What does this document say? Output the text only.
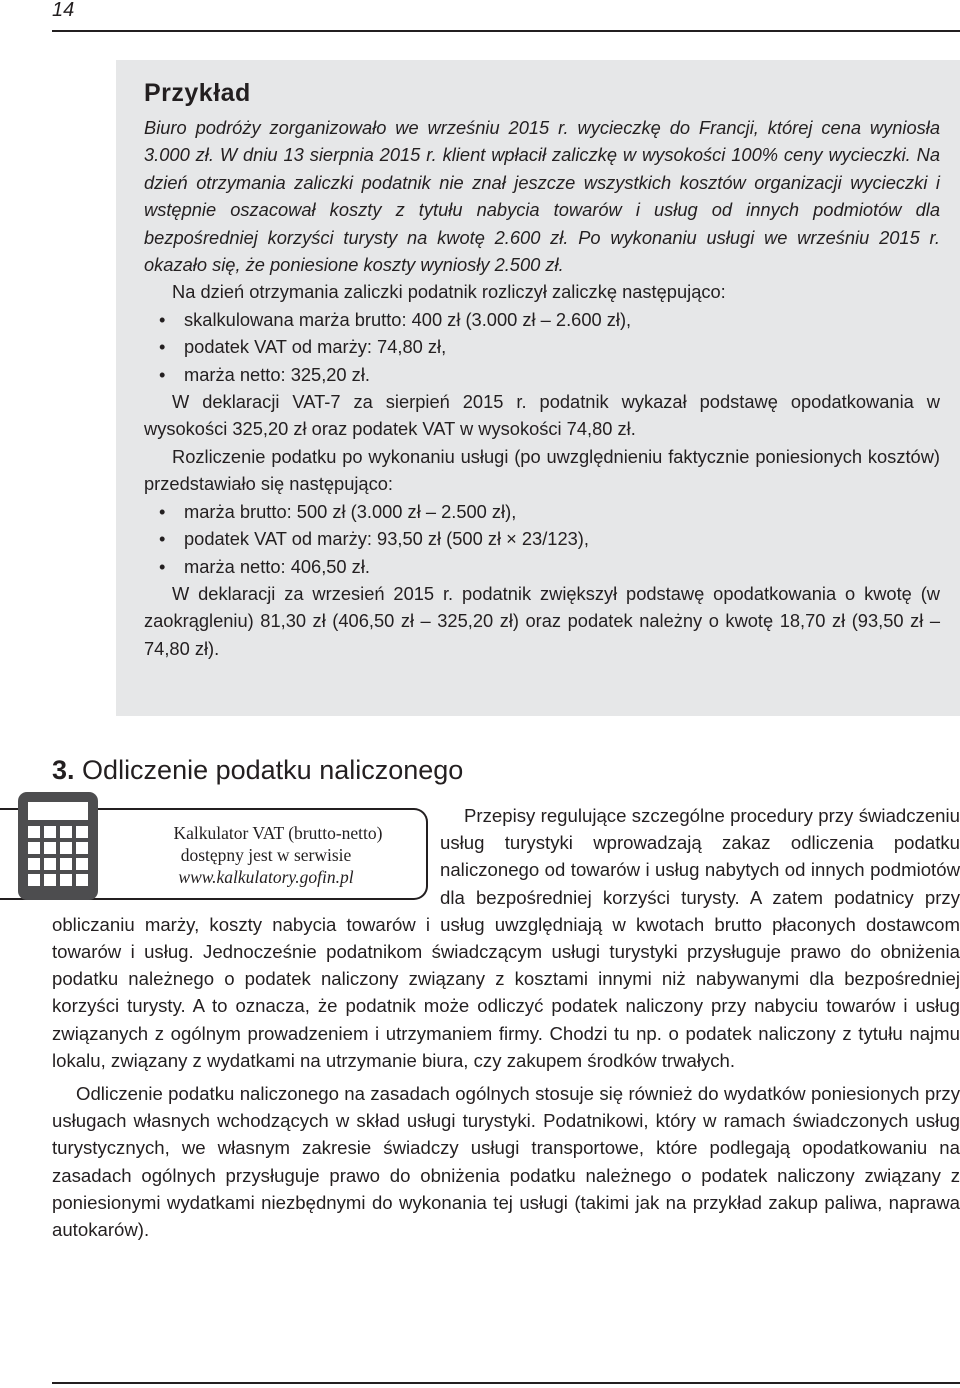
14
Przykład

Biuro podróży zorganizowało we wrześniu 2015 r. wycieczkę do Francji, której cena wyniosła 3.000 zł. W dniu 13 sierpnia 2015 r. klient wpłacił zaliczkę w wysokości 100% ceny wycieczki. Na dzień otrzymania zaliczki podatnik nie znał jeszcze wszystkich kosztów organizacji wycieczki i wstępnie oszacował koszty z tytułu nabycia towarów i usług od innych podmiotów dla bezpośredniej korzyści turysty na kwotę 2.600 zł. Po wykonaniu usługi we wrześniu 2015 r. okazało się, że poniesione koszty wyniosły 2.500 zł.

Na dzień otrzymania zaliczki podatnik rozliczył zaliczkę następująco:

• skalkulowana marża brutto: 400 zł (3.000 zł – 2.600 zł),
• podatek VAT od marży: 74,80 zł,
• marża netto: 325,20 zł.

W deklaracji VAT-7 za sierpień 2015 r. podatnik wykazał podstawę opodatkowania w wysokości 325,20 zł oraz podatek VAT w wysokości 74,80 zł.

Rozliczenie podatku po wykonaniu usługi (po uwzględnieniu faktycznie poniesionych kosztów) przedstawiało się następująco:

• marża brutto: 500 zł (3.000 zł – 2.500 zł),
• podatek VAT od marży: 93,50 zł (500 zł × 23/123),
• marża netto: 406,50 zł.

W deklaracji za wrzesień 2015 r. podatnik zwiększył podstawę opodatkowania o kwotę (w zaokrągleniu) 81,30 zł (406,50 zł – 325,20 zł) oraz podatek należny o kwotę 18,70 zł (93,50 zł – 74,80 zł).

3. Odliczenie podatku naliczonego

Kalkulator VAT (brutto-netto)
dostępny jest w serwisie
www.kalkulatory.gofin.pl
Przepisy regulujące szczególne procedury przy świadczeniu usług turystyki wprowadzają zakaz odliczenia podatku naliczonego od towarów i usług nabytych od innych podmiotów dla bezpośredniej korzyści turysty. A zatem podatnicy przy obliczaniu marży, koszty nabycia towarów i usług uwzględniają w kwotach brutto płaconych dostawcom towarów i usług. Jednocześnie podatnikom świadczącym usługi turystyki przysługuje prawo do obniżenia podatku należnego o podatek naliczony związany z kosztami innymi niż nabywanymi dla bezpośredniej korzyści turysty. A to oznacza, że podatnik może odliczyć podatek naliczony przy nabyciu towarów i usług związanych z ogólnym prowadzeniem i utrzymaniem firmy. Chodzi tu np. o podatek naliczony z tytułu najmu lokalu, związany z wydatkami na utrzymanie biura, czy zakupem środków trwałych.

Odliczenie podatku naliczonego na zasadach ogólnych stosuje się również do wydatków poniesionych przy usługach własnych wchodzących w skład usługi turystyki. Podatnikowi, który w ramach świadczonych usług turystycznych, we własnym zakresie świadczy usługi transportowe, które podlegają opodatkowaniu na zasadach ogólnych przysługuje prawo do obniżenia podatku należnego o podatek naliczony związany z poniesionymi wydatkami niezbędnymi do wykonania tej usługi (takimi jak na przykład zakup paliwa, naprawa autokarów).
